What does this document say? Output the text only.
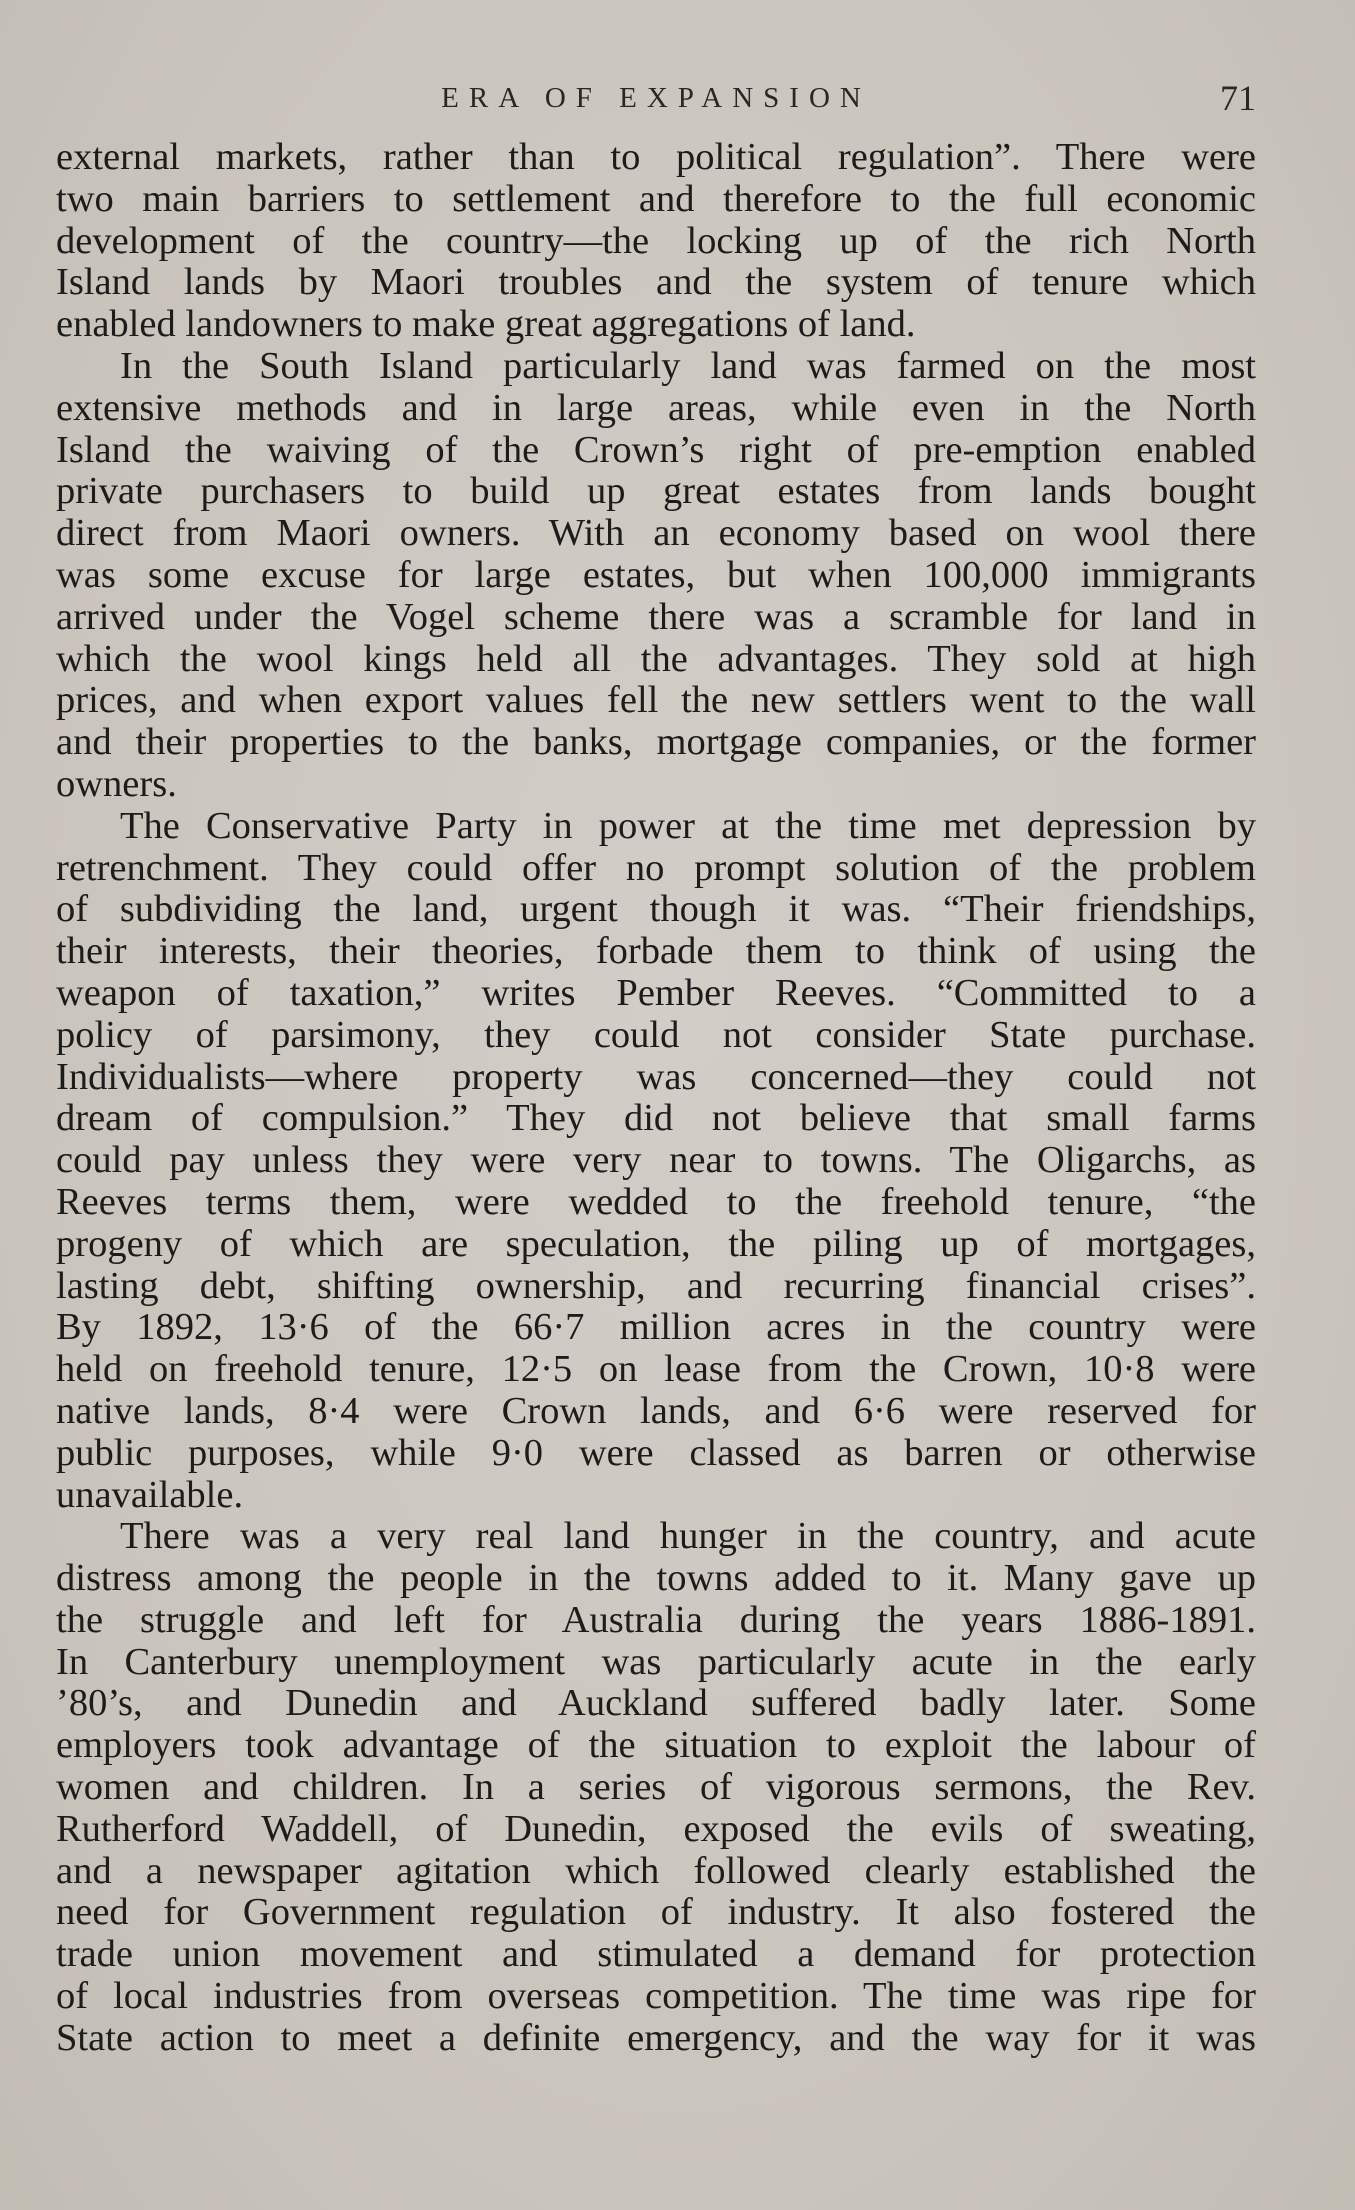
ERA OF EXPANSION	71
external markets, rather than to political regulation”. There were
two main barriers to settlement and therefore to the full economic
development of the country—the locking up of the rich North
Island lands by Maori troubles and the system of tenure which
enabled landowners to make great aggregations of land.
In the South Island particularly land was farmed on the most
extensive methods and in large areas, while even in the North
Island the waiving of the Crown’s right of pre-emption enabled
private purchasers to build up great estates from lands bought
direct from Maori owners. With an economy based on wool there
was some excuse for large estates, but when 100,000 immigrants
arrived under the Vogel scheme there was a scramble for land in
which the wool kings held all the advantages. They sold at high
prices, and when export values fell the new settlers went to the wall
and their properties to the banks, mortgage companies, or the former
owners.
The Conservative Party in power at the time met depression by
retrenchment. They could offer no prompt solution of the problem
of subdividing the land, urgent though it was. “Their friendships,
their interests, their theories, forbade them to think of using the
weapon of taxation,” writes Pember Reeves. “Committed to a
policy of parsimony, they could not consider State purchase.
Individualists—where property was concerned—they could not
dream of compulsion.” They did not believe that small farms
could pay unless they were very near to towns. The Oligarchs, as
Reeves terms them, were wedded to the freehold tenure, “the
progeny of which are speculation, the piling up of mortgages,
lasting debt, shifting ownership, and recurring financial crises”.
By 1892, 13·6 of the 66·7 million acres in the country were
held on freehold tenure, 12·5 on lease from the Crown, 10·8 were
native lands, 8·4 were Crown lands, and 6·6 were reserved for
public purposes, while 9·0 were classed as barren or otherwise
unavailable.
There was a very real land hunger in the country, and acute
distress among the people in the towns added to it. Many gave up
the struggle and left for Australia during the years 1886-1891.
In Canterbury unemployment was particularly acute in the early
’80’s, and Dunedin and Auckland suffered badly later. Some
employers took advantage of the situation to exploit the labour of
women and children. In a series of vigorous sermons, the Rev.
Rutherford Waddell, of Dunedin, exposed the evils of sweating,
and a newspaper agitation which followed clearly established the
need for Government regulation of industry. It also fostered the
trade union movement and stimulated a demand for protection
of local industries from overseas competition. The time was ripe for
State action to meet a definite emergency, and the way for it was
